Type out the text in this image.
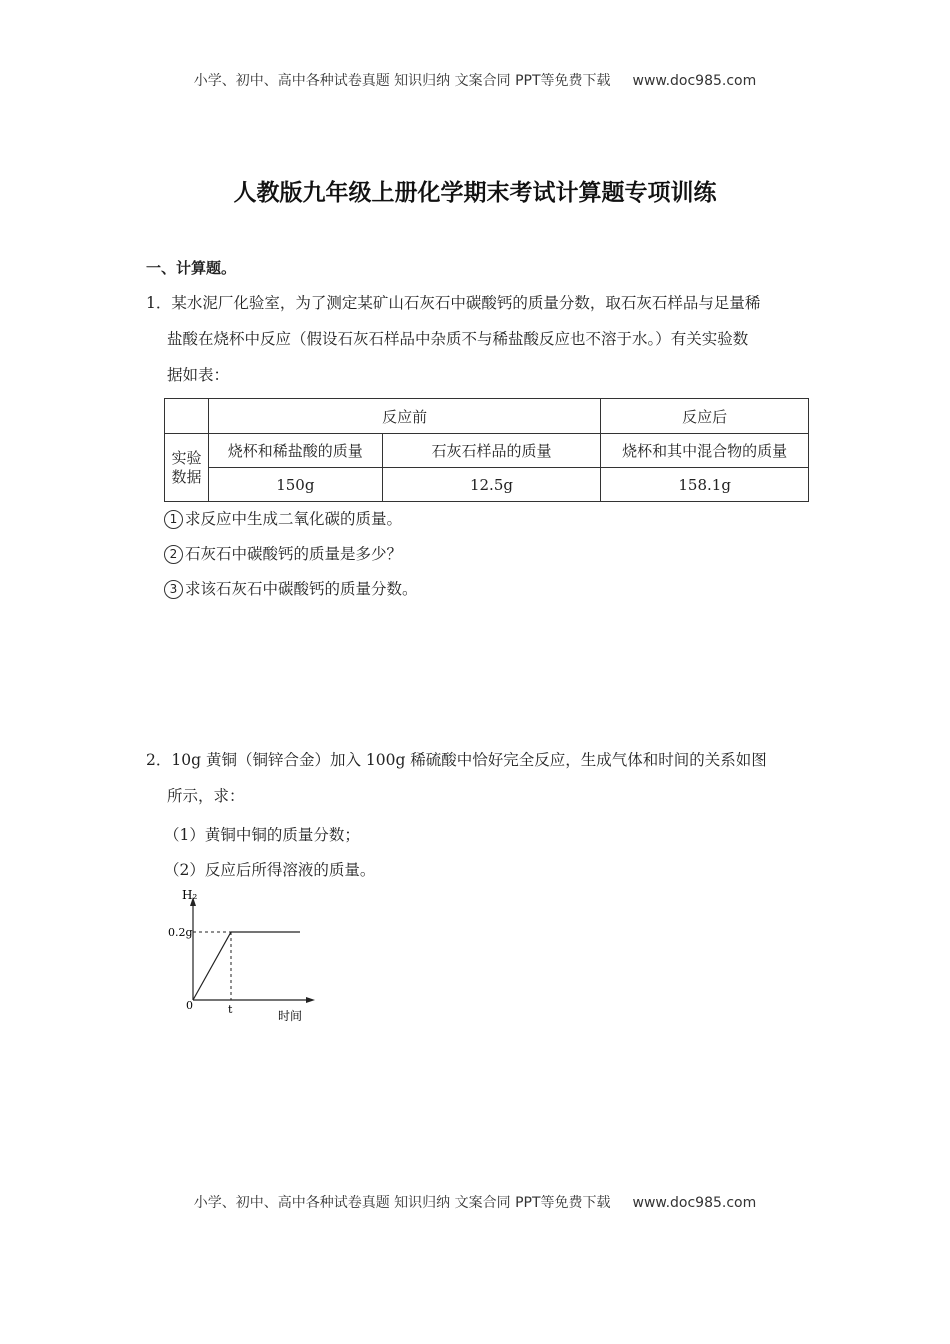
小学、初中、高中各种试卷真题 知识归纳 文案合同 PPT等免费下载 www.doc985.com
人教版九年级上册化学期末考试计算题专项训练
一、计算题。
1．某水泥厂化验室，为了测定某矿山石灰石中碳酸钙的质量分数，取石灰石样品与足量稀
盐酸在烧杯中反应（假设石灰石样品中杂质不与稀盐酸反应也不溶于水。）有关实验数
据如表：
	反应前		反应后
实验数据	烧杯和稀盐酸的质量	石灰石样品的质量	烧杯和其中混合物的质量
	150g	12.5g	158.1g
1 求反应中生成二氧化碳的质量。
2 石灰石中碳酸钙的质量是多少？
3 求该石灰石中碳酸钙的质量分数。
2．10g 黄铜（铜锌合金）加入 100g 稀硫酸中恰好完全反应，生成气体和时间的关系如图
所示，求：
（1）黄铜中铜的质量分数；
（2）反应后所得溶液的质量。
H₂
0.2g
0	t	时间
小学、初中、高中各种试卷真题 知识归纳 文案合同 PPT等免费下载 www.doc985.com
